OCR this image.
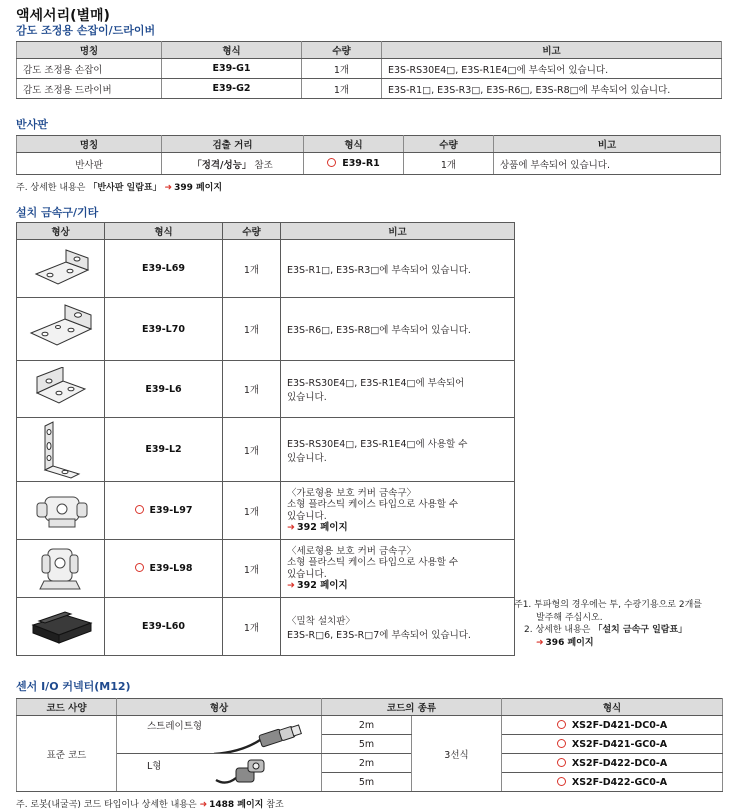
액세서리(별매)
감도 조정용 손잡이/드라이버
명칭	형식	수량	비고
감도 조정용 손잡이	E39-G1	1개	E3S-RS30E4□, E3S-R1E4□에 부속되어 있습니다.
감도 조정용 드라이버	E39-G2	1개	E3S-R1□, E3S-R3□, E3S-R6□, E3S-R8□에 부속되어 있습니다.
반사판
명칭	검출 거리	형식	수량	비고
반사판	「정격/성능」 참조	E39-R1	1개	상품에 부속되어 있습니다.
주. 상세한 내용은 「반사판 일람표」 ➜ 399 페이지
설치 금속구/기타
형상	형식	수량	비고

	E39-L69	1개	E3S-R1□, E3S-R3□에 부속되어 있습니다.

	E39-L70	1개	E3S-R6□, E3S-R8□에 부속되어 있습니다.

	E39-L6	1개	E3S-RS30E4□, E3S-R1E4□에 부속되어
있습니다.

	E39-L2	1개	E3S-RS30E4□, E3S-R1E4□에 사용할 수
있습니다.

	E39-L97	1개	〈가로형용 보호 커버 금속구〉
소형 플라스틱 케이스 타입으로 사용할 수
있습니다.
➜ 392 페이지

	E39-L98	1개	〈세로형용 보호 커버 금속구〉
소형 플라스틱 케이스 타입으로 사용할 수
있습니다.
➜ 392 페이지

	E39-L60	1개	〈밀착 설치판〉
E3S-R□6, E3S-R□7에 부속되어 있습니다.
주1. 투파형의 경우에는 투, 수광기용으로 2개를
발주해 주십시오.
2. 상세한 내용은 「설치 금속구 일람표」
➜ 396 페이지
센서 I/O 커넥터(M12)
코드 사양	형상	코드의 종류		형식
표준 코드	스트레이트형	2m	3선식	XS2F-D421-DC0-A
		5m		XS2F-D421-GC0-A

	L형	2m		XS2F-D422-DC0-A
		5m		XS2F-D422-GC0-A
주. 로봇(내굴곡) 코드 타입이나 상세한 내용은 ➜ 1488 페이지 참조
